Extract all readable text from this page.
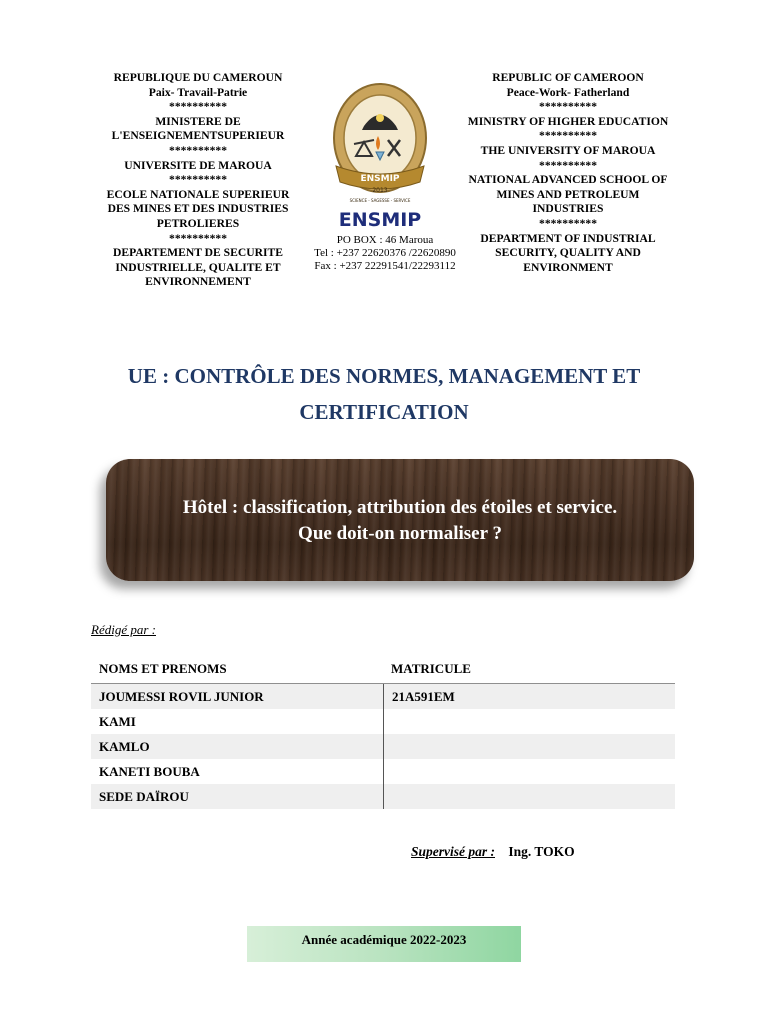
REPUBLIQUE DU CAMEROUN
Paix- Travail-Patrie
**********
MINISTERE DE
L'ENSEIGNEMENTSUPERIEUR
**********
UNIVERSITE DE MAROUA
**********
ECOLE NATIONALE SUPERIEUR
DES MINES ET DES INDUSTRIES
PETROLIERES
**********
DEPARTEMENT DE SECURITE
INDUSTRIELLE, QUALITE ET
ENVIRONNEMENT
REPUBLIC OF CAMEROON
Peace-Work- Fatherland
**********
MINISTRY OF HIGHER EDUCATION
**********
THE UNIVERSITY OF MAROUA
**********
NATIONAL ADVANCED SCHOOL OF
MINES AND PETROLEUM
INDUSTRIES
**********
DEPARTMENT OF INDUSTRIAL
SECURITY, QUALITY AND
ENVIRONMENT
ENSMIP
2013
SCIENCE - SAGESSE - SERVICE
ENSMIP
PO BOX : 46 Maroua
Tel : +237 22620376 /22620890
Fax : +237 22291541/22293112
UE : CONTRÔLE DES NORMES, MANAGEMENT ET
CERTIFICATION
Hôtel : classification, attribution des étoiles et service.
Que doit-on normaliser ?
Rédigé par :
NOMS ET PRENOMS	MATRICULE
JOUMESSI ROVIL JUNIOR	21A591EM
KAMI
KAMLO
KANETI BOUBA
SEDE DAÏROU
Supervisé par : Ing. TOKO
Année académique 2022-2023
